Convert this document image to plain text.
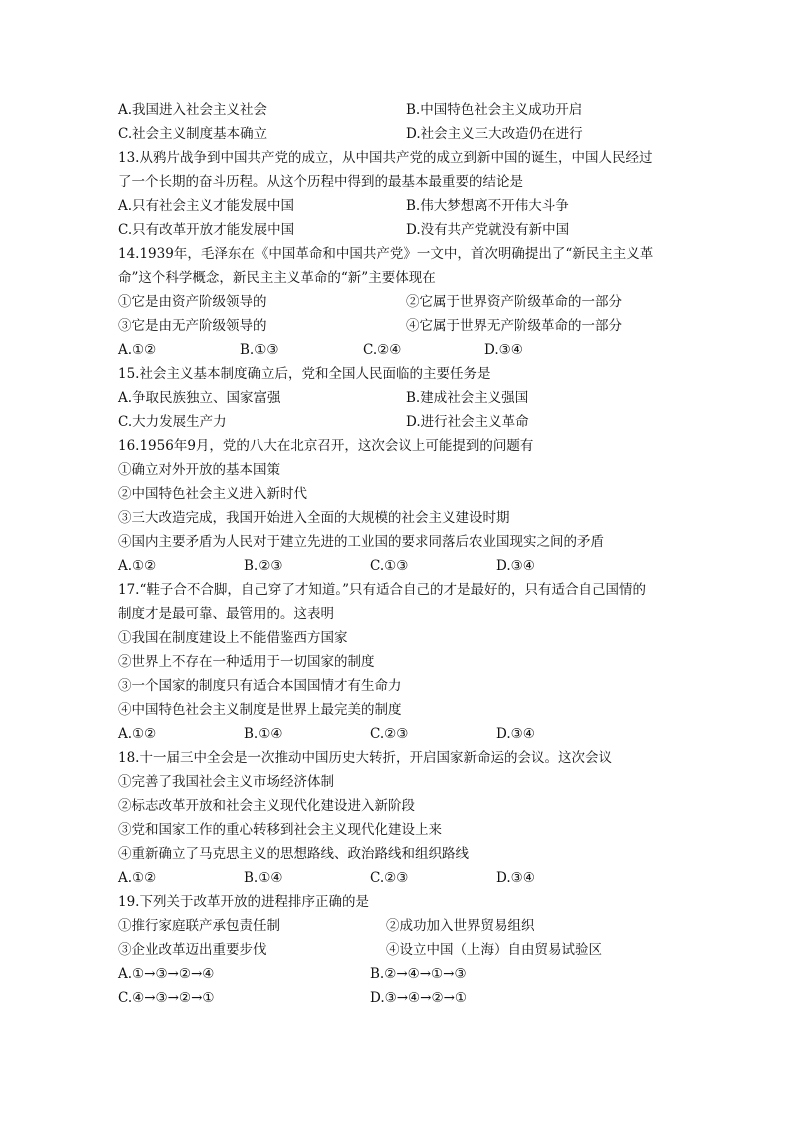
A.我国进入社会主义社会	B.中国特色社会主义成功开启
C.社会主义制度基本确立	D.社会主义三大改造仍在进行
13.从鸦片战争到中国共产党的成立，从中国共产党的成立到新中国的诞生，中国人民经过
了一个长期的奋斗历程。从这个历程中得到的最基本最重要的结论是
A.只有社会主义才能发展中国	B.伟大梦想离不开伟大斗争
C.只有改革开放才能发展中国	D.没有共产党就没有新中国
14.1939年，毛泽东在《中国革命和中国共产党》一文中，首次明确提出了“新民主主义革
命”这个科学概念，新民主主义革命的“新”主要体现在
①它是由资产阶级领导的	②它属于世界资产阶级革命的一部分
③它是由无产阶级领导的	④它属于世界无产阶级革命的一部分
A.①②	B.①③	C.②④	D.③④
15.社会主义基本制度确立后，党和全国人民面临的主要任务是
A.争取民族独立、国家富强	B.建成社会主义强国
C.大力发展生产力	D.进行社会主义革命
16.1956年9月，党的八大在北京召开，这次会议上可能提到的问题有
①确立对外开放的基本国策
②中国特色社会主义进入新时代
③三大改造完成，我国开始进入全面的大规模的社会主义建设时期
④国内主要矛盾为人民对于建立先进的工业国的要求同落后农业国现实之间的矛盾
A.①②	B.②③	C.①③	D.③④
17.“鞋子合不合脚，自己穿了才知道。”只有适合自己的才是最好的，只有适合自己国情的
制度才是最可靠、最管用的。这表明
①我国在制度建设上不能借鉴西方国家
②世界上不存在一种适用于一切国家的制度
③一个国家的制度只有适合本国国情才有生命力
④中国特色社会主义制度是世界上最完美的制度
A.①②	B.①④	C.②③	D.③④
18.十一届三中全会是一次推动中国历史大转折，开启国家新命运的会议。这次会议
①完善了我国社会主义市场经济体制
②标志改革开放和社会主义现代化建设进入新阶段
③党和国家工作的重心转移到社会主义现代化建设上来
④重新确立了马克思主义的思想路线、政治路线和组织路线
A.①②	B.①④	C.②③	D.③④
19.下列关于改革开放的进程排序正确的是
①推行家庭联产承包责任制	②成功加入世界贸易组织
③企业改革迈出重要步伐	④设立中国（上海）自由贸易试验区
A.①→③→②→④	B.②→④→①→③
C.④→③→②→①	D.③→④→②→①
